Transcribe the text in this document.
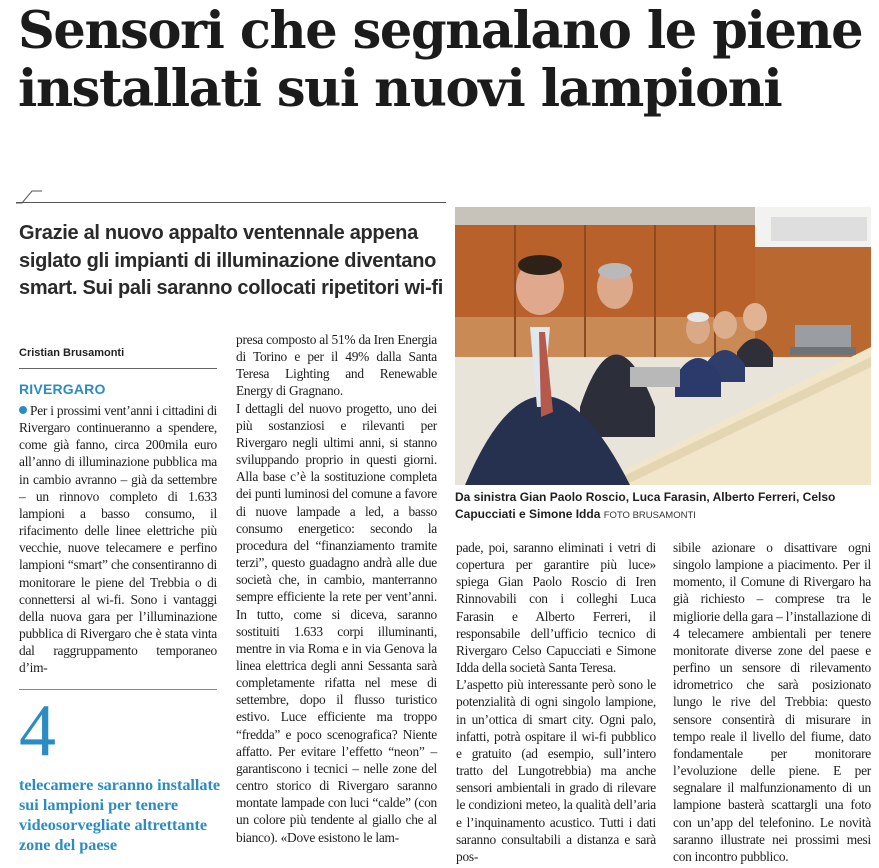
Sensori che segnalano le piene
installati sui nuovi lampioni
Grazie al nuovo appalto ventennale appena siglato gli impianti di illuminazione diventano smart. Sui pali saranno collocati ripetitori wi-fi
Cristian Brusamonti
RIVERGARO

Per i prossimi vent’anni i cittadini di Rivergaro continueranno a spendere, come già fanno, circa 200mila euro all’anno di illuminazione pubblica ma in cambio avranno – già da settembre – un rinnovo completo di 1.633 lampioni a basso consumo, il rifacimento delle linee elettriche più vecchie, nuove telecamere e perfino lampioni “smart” che consentiranno di monitorare le piene del Trebbia o di connettersi al wi-fi. Sono i vantaggi della nuova gara per l’illuminazione pubblica di Rivergaro che è stata vinta dal raggruppamento temporaneo d’im-

4
telecamere saranno installate sui lampioni per tenere videosorvegliate altrettante zone del paese

presa composto al 51% da Iren Energia di Torino e per il 49% dalla Santa Teresa Lighting and Renewable Energy di Gragnano.

I dettagli del nuovo progetto, uno dei più sostanziosi e rilevanti per Rivergaro negli ultimi anni, si stanno sviluppando proprio in questi giorni. Alla base c’è la sostituzione completa dei punti luminosi del comune a favore di nuove lampade a led, a basso consumo energetico: secondo la procedura del “finanziamento tramite terzi”, questo guadagno andrà alle due società che, in cambio, manterranno sempre efficiente la rete per vent’anni. In tutto, come si diceva, saranno sostituiti 1.633 corpi illuminanti, mentre in via Roma e in via Genova la linea elettrica degli anni Sessanta sarà completamente rifatta nel mese di settembre, dopo il flusso turistico estivo. Luce efficiente ma troppo “fredda” e poco scenografica? Niente affatto. Per evitare l’effetto “neon” – garantiscono i tecnici – nelle zone del centro storico di Rivergaro saranno montate lampade con luci “calde” (con un colore più tendente al giallo che al bianco). «Dove esistono le lam-

Da sinistra Gian Paolo Roscio, Luca Farasin, Alberto Ferreri, Celso Capucciati e Simone Idda FOTO BRUSAMONTI

pade, poi, saranno eliminati i vetri di copertura per garantire più luce» spiega Gian Paolo Roscio di Iren Rinnovabili con i colleghi Luca Farasin e Alberto Ferreri, il responsabile dell’ufficio tecnico di Rivergaro Celso Capucciati e Simone Idda della società Santa Teresa.

L’aspetto più interessante però sono le potenzialità di ogni singolo lampione, in un’ottica di smart city. Ogni palo, infatti, potrà ospitare il wi-fi pubblico e gratuito (ad esempio, sull’intero tratto del Lungotrebbia) ma anche sensori ambientali in grado di rilevare le condizioni meteo, la qualità dell’aria e l’inquinamento acustico. Tutti i dati saranno consultabili a distanza e sarà pos-

sibile azionare o disattivare ogni singolo lampione a piacimento. Per il momento, il Comune di Rivergaro ha già richiesto – comprese tra le migliorie della gara – l’installazione di 4 telecamere ambientali per tenere monitorate diverse zone del paese e perfino un sensore di rilevamento idrometrico che sarà posizionato lungo le rive del Trebbia: questo sensore consentirà di misurare in tempo reale il livello del fiume, dato fondamentale per monitorare l’evoluzione delle piene. E per segnalare il malfunzionamento di un lampione basterà scattargli una foto con un’app del telefonino. Le novità saranno illustrate nei prossimi mesi con incontro pubblico.
